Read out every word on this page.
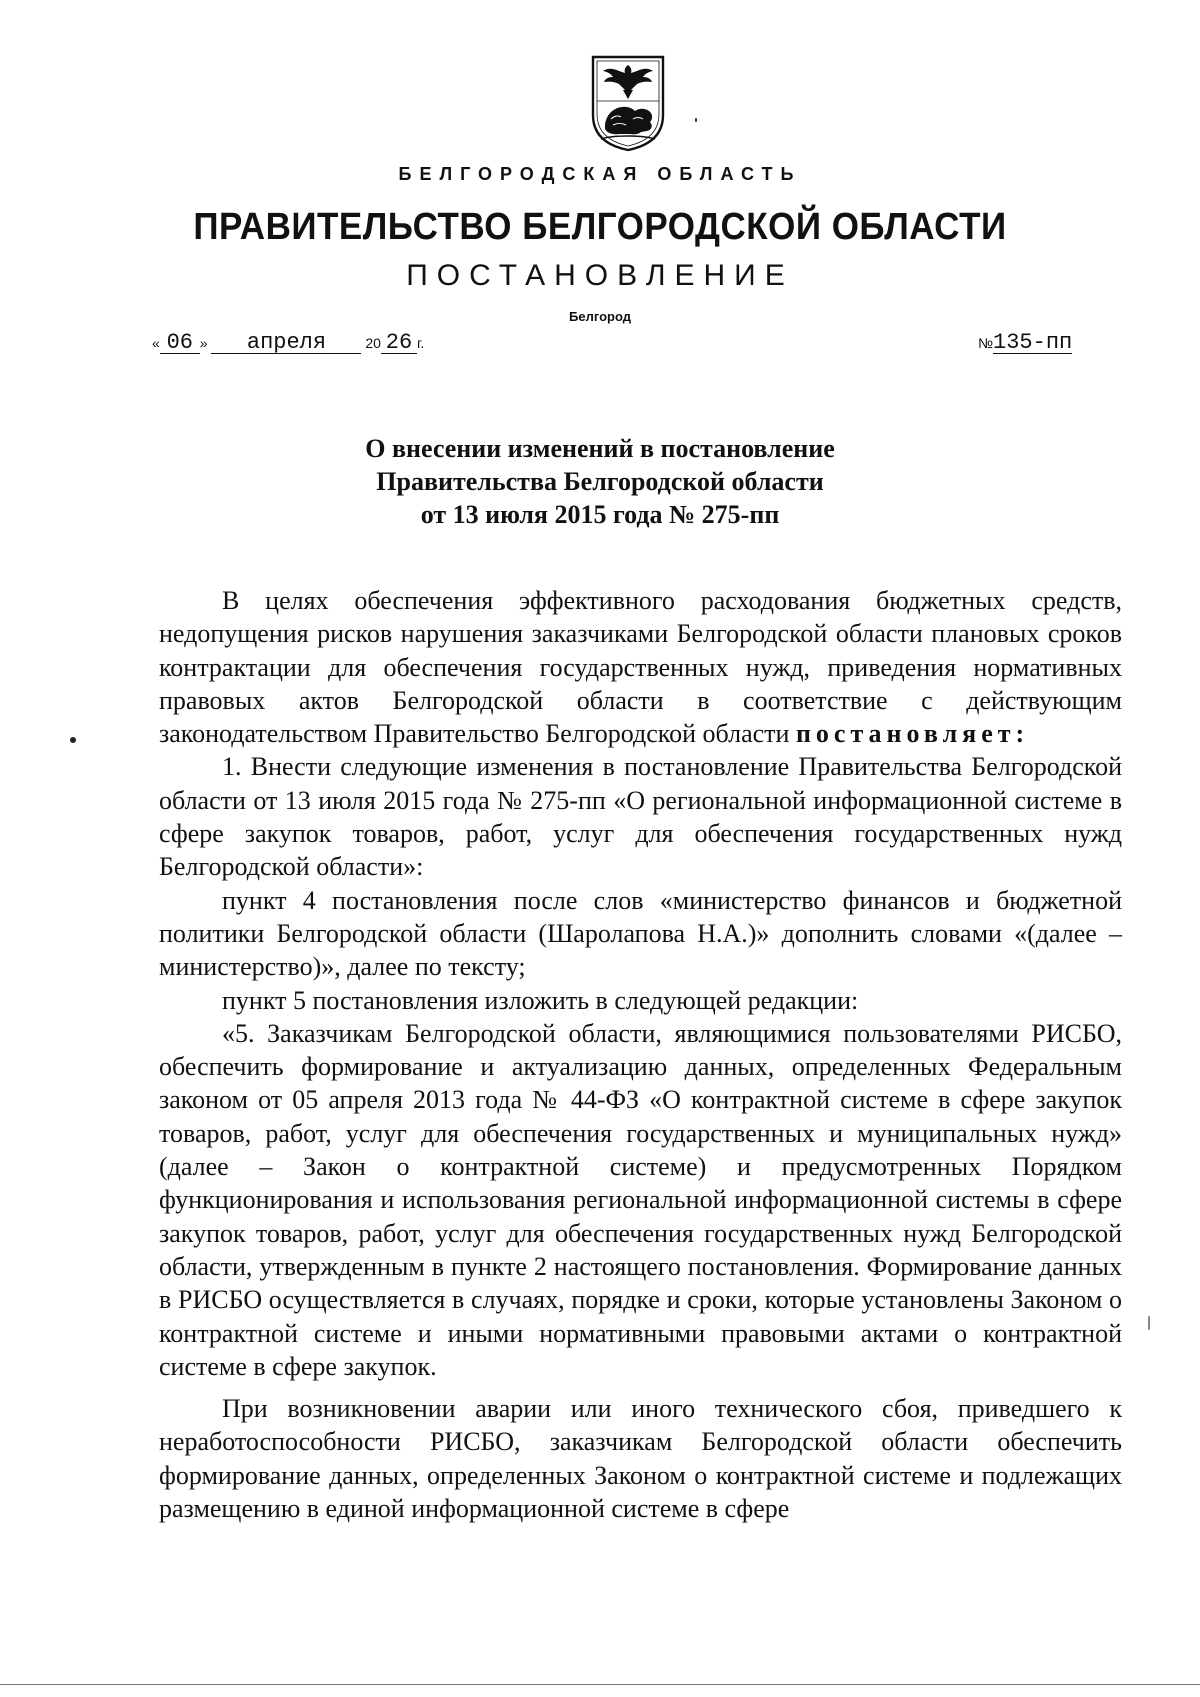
БЕЛГОРОДСКАЯ ОБЛАСТЬ
ПРАВИТЕЛЬСТВО БЕЛГОРОДСКОЙ ОБЛАСТИ
ПОСТАНОВЛЕНИЕ
Белгород
« 06 » апреля	20 26 г.	№135-пп
О внесении изменений в постановление
Правительства Белгородской области
от 13 июля 2015 года № 275-пп

В целях обеспечения эффективного расходования бюджетных средств, недопущения рисков нарушения заказчиками Белгородской области плановых сроков контрактации для обеспечения государственных нужд, приведения нормативных правовых актов Белгородской области в соответствие с действующим законодательством Правительство Белгородской области постановляет:

1. Внести следующие изменения в постановление Правительства Белгородской области от 13 июля 2015 года № 275-пп «О региональной информационной системе в сфере закупок товаров, работ, услуг для обеспечения государственных нужд Белгородской области»:

пункт 4 постановления после слов «министерство финансов и бюджетной политики Белгородской области (Шаролапова Н.А.)» дополнить словами «(далее – министерство)», далее по тексту;

пункт 5 постановления изложить в следующей редакции:

«5. Заказчикам Белгородской области, являющимися пользователями РИСБО, обеспечить формирование и актуализацию данных, определенных Федеральным законом от 05 апреля 2013 года № 44-ФЗ «О контрактной системе в сфере закупок товаров, работ, услуг для обеспечения государственных и муниципальных нужд» (далее – Закон о контрактной системе) и предусмотренных Порядком функционирования и использования региональной информационной системы в сфере закупок товаров, работ, услуг для обеспечения государственных нужд Белгородской области, утвержденным в пункте 2 настоящего постановления. Формирование данных в РИСБО осуществляется в случаях, порядке и сроки, которые установлены Законом о контрактной системе и иными нормативными правовыми актами о контрактной системе в сфере закупок.

При возникновении аварии или иного технического сбоя, приведшего к неработоспособности РИСБО, заказчикам Белгородской области обеспечить формирование данных, определенных Законом о контрактной системе и подлежащих размещению в единой информационной системе в сфере
